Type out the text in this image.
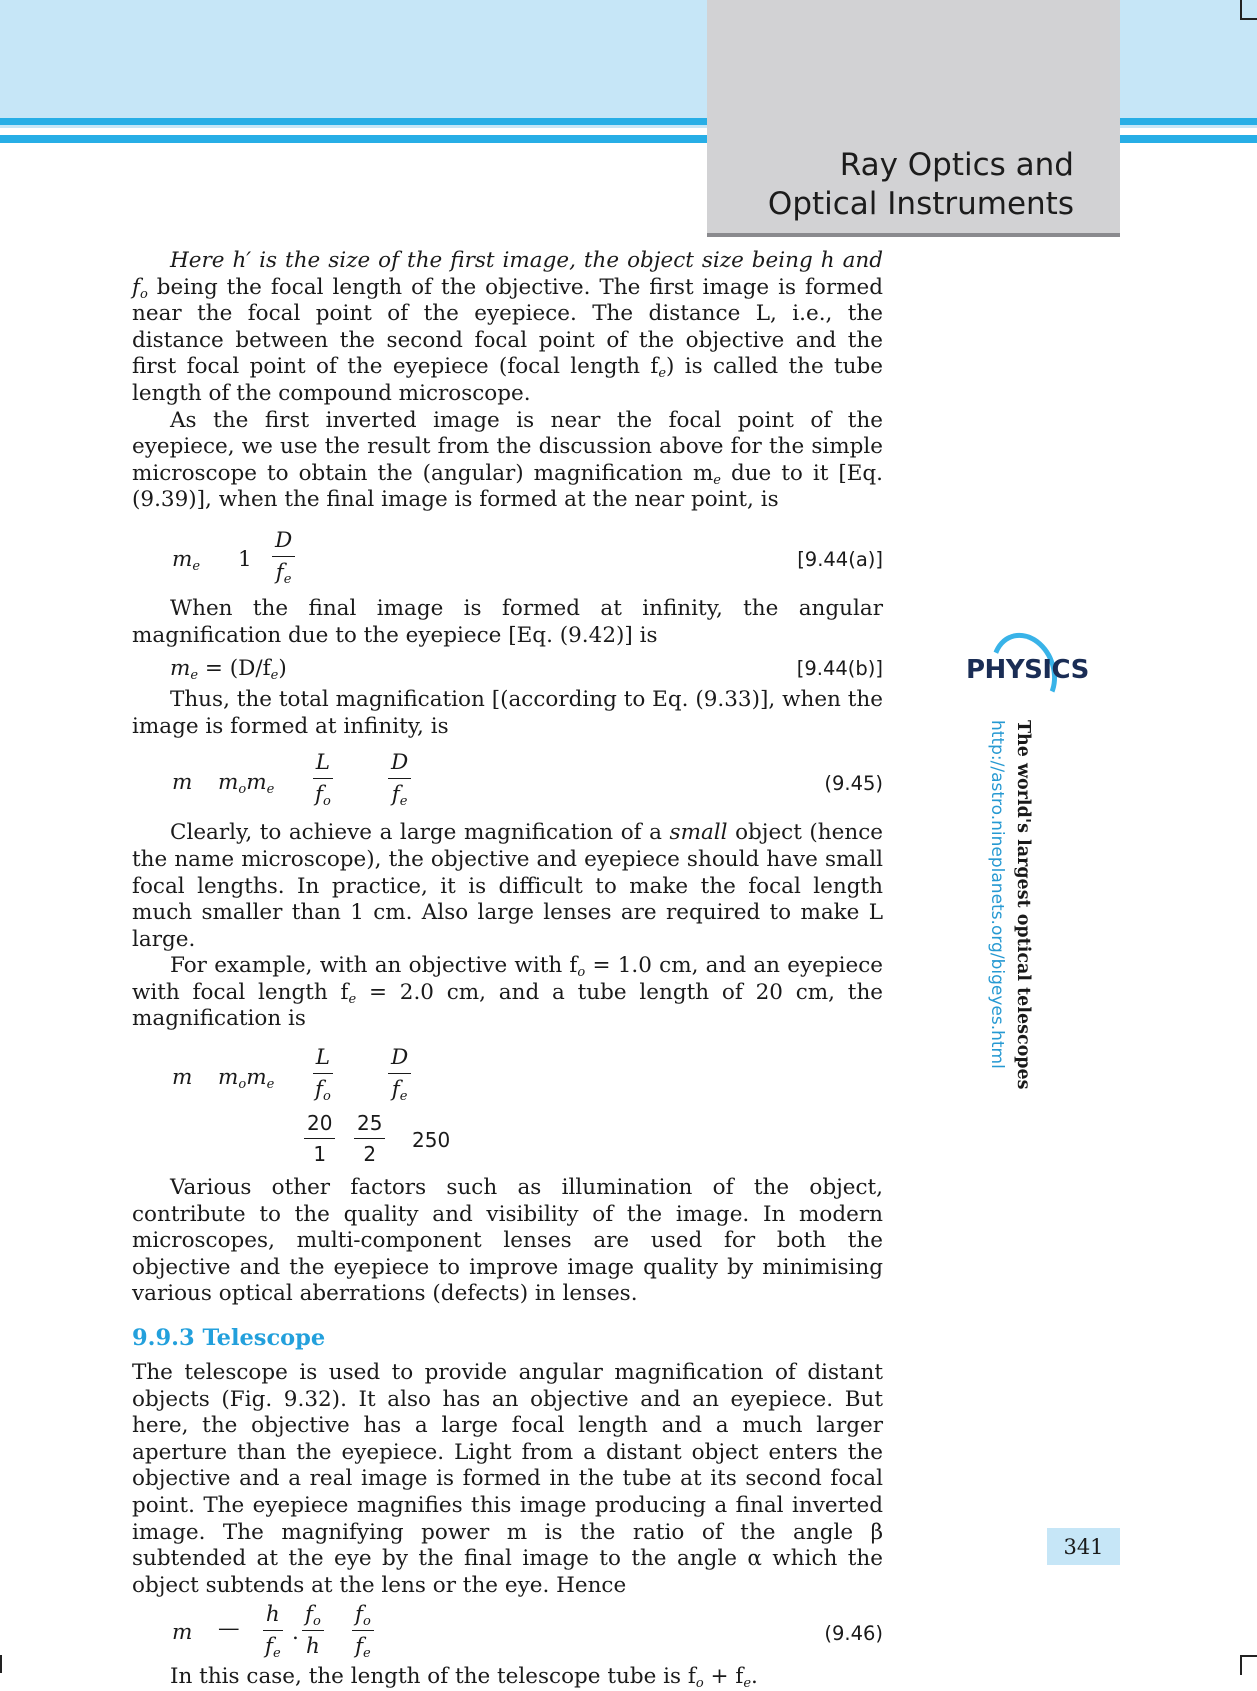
Ray Optics and
Optical Instruments

Here h′ is the size of the first image, the object size being h and $f_o$ being the focal length of the objective. The first image is formed near the focal point of the eyepiece. The distance L, i.e., the distance between the second focal point of the objective and the first focal point of the eyepiece (focal length $f_e$) is called the tube length of the compound microscope.

As the first inverted image is near the focal point of the eyepiece, we use the result from the discussion above for the simple microscope to obtain the (angular) magnification $m_e$ due to it [Eq. (9.39)], when the final image is formed at the near point, is

$m_e$ $1 \frac{D}{f_e}$	[9.44(a)]

When the final image is formed at infinity, the angular magnification due to the eyepiece [Eq. (9.42)] is

$m_e = (D/f_e)$	[9.44(b)]

Thus, the total magnification [(according to Eq. (9.33)], when the image is formed at infinity, is

m $m_om_e \frac{L}{f_o}$	$\frac{D}{f_e}$	(9.45)

Clearly, to achieve a large magnification of a small object (hence the name microscope), the objective and eyepiece should have small focal lengths. In practice, it is difficult to make the focal length much smaller than 1 cm. Also large lenses are required to make L large.

For example, with an objective with $f_o = 1.0$ cm, and an eyepiece with focal length $f_e = 2.0$ cm, and a tube length of 20 cm, the magnification is

m $m_om_e \frac{L}{f_o}$	$\frac{D}{f_e}$
$\frac{20}{1} \frac{25}{2} 250$

Various other factors such as illumination of the object, contribute to the quality and visibility of the image. In modern microscopes, multi-component lenses are used for both the objective and the eyepiece to improve image quality by minimising various optical aberrations (defects) in lenses.

9.9.3 Telescope

The telescope is used to provide angular magnification of distant objects (Fig. 9.32). It also has an objective and an eyepiece. But here, the objective has a large focal length and a much larger aperture than the eyepiece. Light from a distant object enters the objective and a real image is formed in the tube at its second focal point. The eyepiece magnifies this image producing a final inverted image. The magnifying power m is the ratio of the angle β subtended at the eye by the final image to the angle α which the object subtends at the lens or the eye. Hence

m — $\frac{h}{f_e}$ . $\frac{f_o}{h} \frac{f_o}{f_e}$	(9.46)

In this case, the length of the telescope tube is $f_o + f_e$.

PHYSICS
The world's largest optical telescopes
http://astro.nineplanets.org/bigeyes.html
341
